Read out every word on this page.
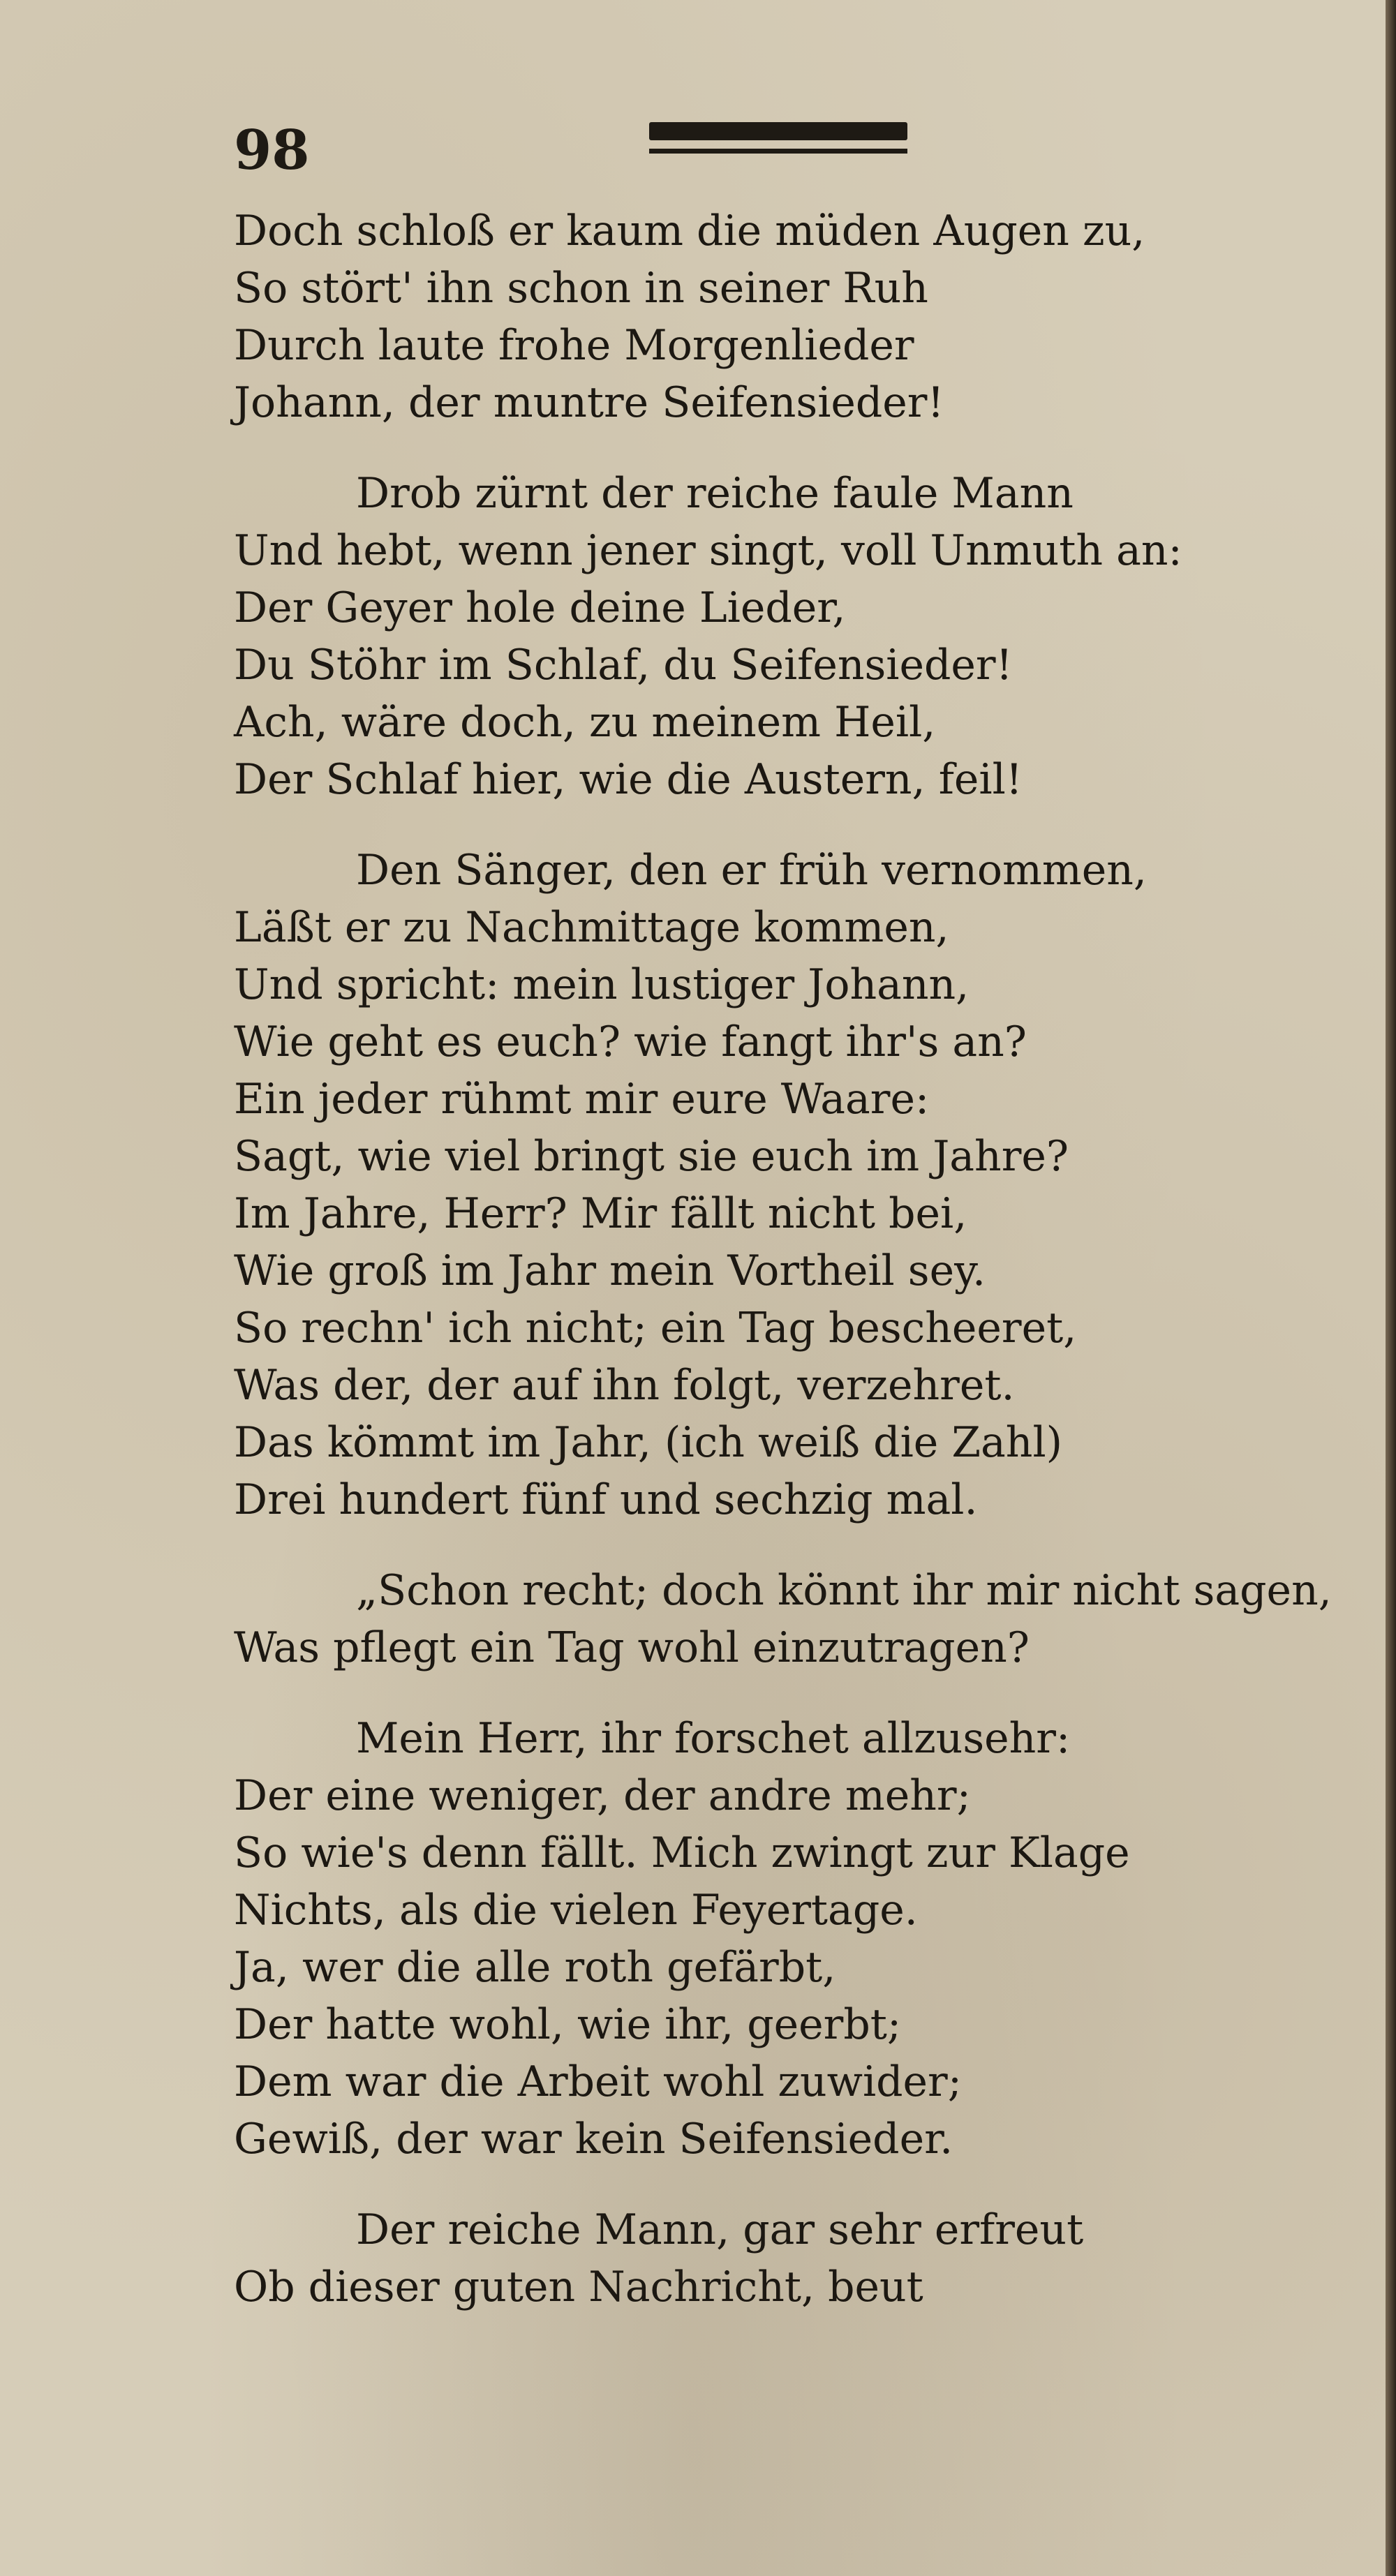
98
Doch schloß er kaum die müden Augen zu,
So stört' ihn schon in seiner Ruh
Durch laute frohe Morgenlieder
Johann, der muntre Seifensieder!
Drob zürnt der reiche faule Mann
Und hebt, wenn jener singt, voll Unmuth an:
Der Geyer hole deine Lieder,
Du Stöhr im Schlaf, du Seifensieder!
Ach, wäre doch, zu meinem Heil,
Der Schlaf hier, wie die Austern, feil!
Den Sänger, den er früh vernommen,
Läßt er zu Nachmittage kommen,
Und spricht: mein lustiger Johann,
Wie geht es euch? wie fangt ihr's an?
Ein jeder rühmt mir eure Waare:
Sagt, wie viel bringt sie euch im Jahre?
Im Jahre, Herr? Mir fällt nicht bei,
Wie groß im Jahr mein Vortheil sey.
So rechn' ich nicht; ein Tag bescheeret,
Was der, der auf ihn folgt, verzehret.
Das kömmt im Jahr, (ich weiß die Zahl)
Drei hundert fünf und sechzig mal.
„Schon recht; doch könnt ihr mir nicht sagen,
Was pflegt ein Tag wohl einzutragen?
Mein Herr, ihr forschet allzusehr:
Der eine weniger, der andre mehr;
So wie's denn fällt. Mich zwingt zur Klage
Nichts, als die vielen Feyertage.
Ja, wer die alle roth gefärbt,
Der hatte wohl, wie ihr, geerbt;
Dem war die Arbeit wohl zuwider;
Gewiß, der war kein Seifensieder.
Der reiche Mann, gar sehr erfreut
Ob dieser guten Nachricht, beut
